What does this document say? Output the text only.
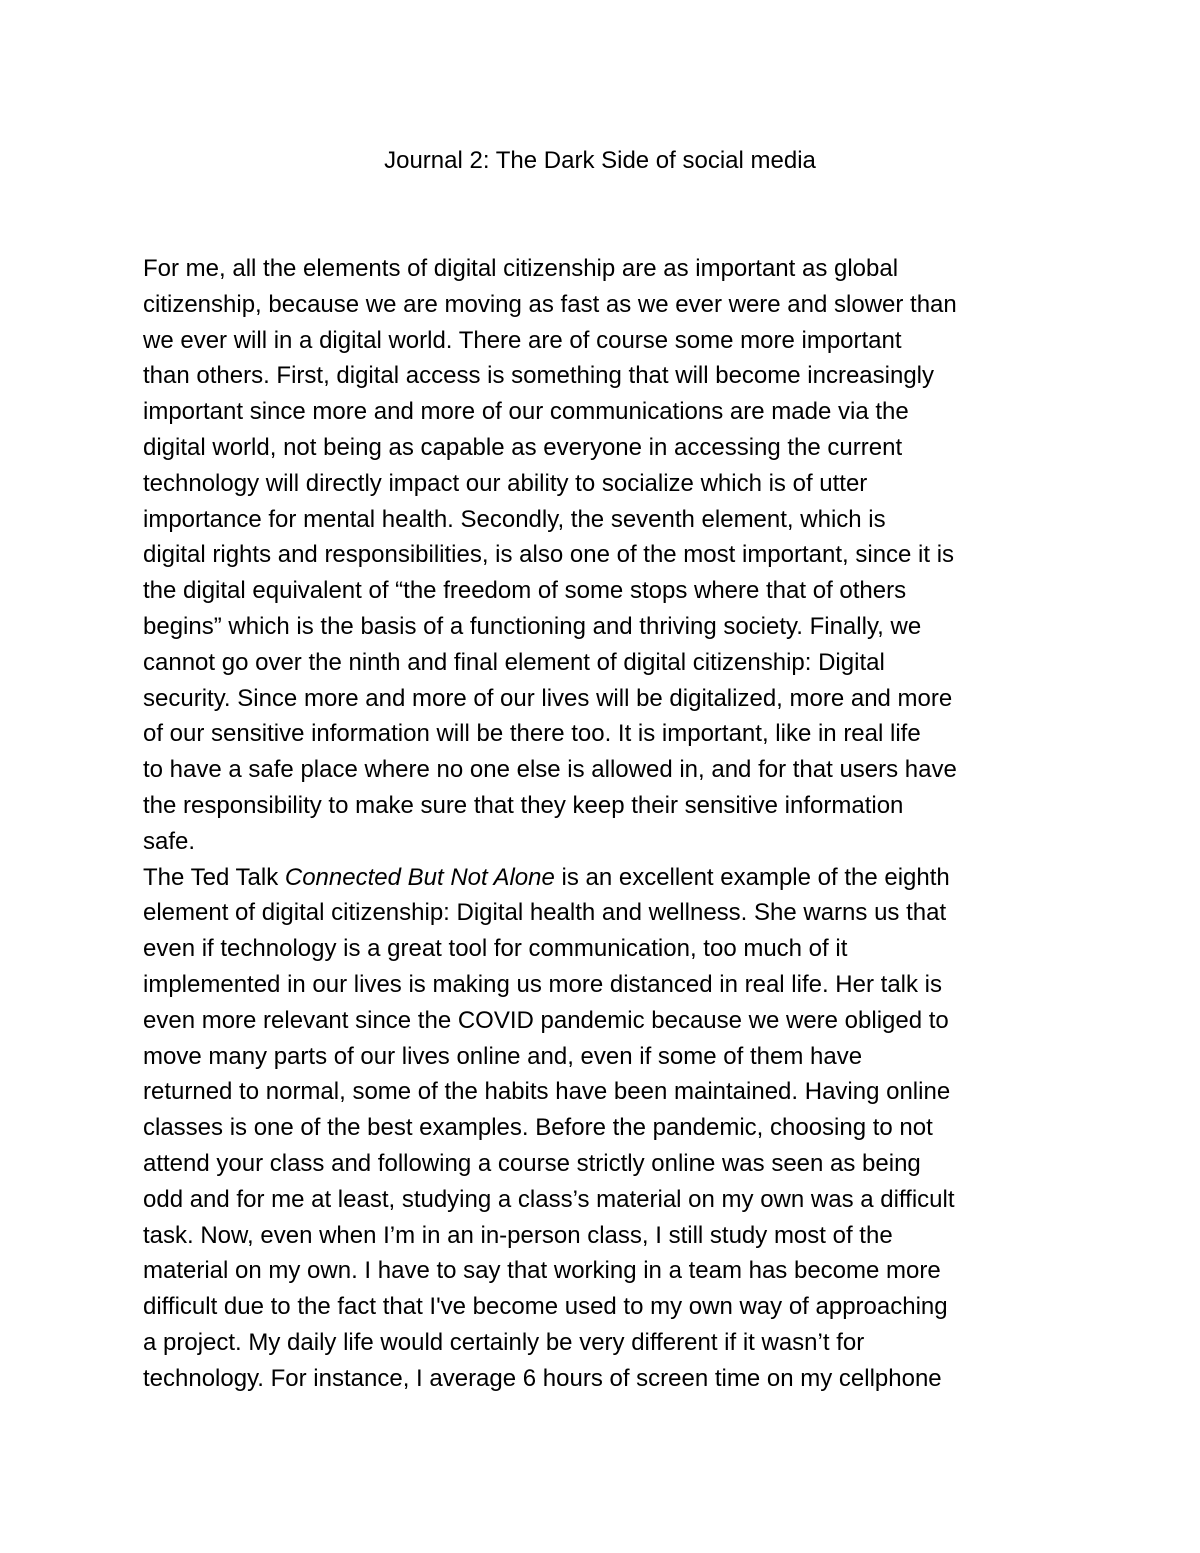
Journal 2: The Dark Side of social media
For me, all the elements of digital citizenship are as important as global
citizenship, because we are moving as fast as we ever were and slower than
we ever will in a digital world. There are of course some more important
than others. First, digital access is something that will become increasingly
important since more and more of our communications are made via the
digital world, not being as capable as everyone in accessing the current
technology will directly impact our ability to socialize which is of utter
importance for mental health. Secondly, the seventh element, which is
digital rights and responsibilities, is also one of the most important, since it is
the digital equivalent of “the freedom of some stops where that of others
begins” which is the basis of a functioning and thriving society. Finally, we
cannot go over the ninth and final element of digital citizenship: Digital
security. Since more and more of our lives will be digitalized, more and more
of our sensitive information will be there too. It is important, like in real life
to have a safe place where no one else is allowed in, and for that users have
the responsibility to make sure that they keep their sensitive information
safe.
The Ted Talk Connected But Not Alone is an excellent example of the eighth
element of digital citizenship: Digital health and wellness. She warns us that
even if technology is a great tool for communication, too much of it
implemented in our lives is making us more distanced in real life. Her talk is
even more relevant since the COVID pandemic because we were obliged to
move many parts of our lives online and, even if some of them have
returned to normal, some of the habits have been maintained. Having online
classes is one of the best examples. Before the pandemic, choosing to not
attend your class and following a course strictly online was seen as being
odd and for me at least, studying a class’s material on my own was a difficult
task. Now, even when I’m in an in-person class, I still study most of the
material on my own. I have to say that working in a team has become more
difficult due to the fact that I've become used to my own way of approaching
a project. My daily life would certainly be very different if it wasn’t for
technology. For instance, I average 6 hours of screen time on my cellphone
